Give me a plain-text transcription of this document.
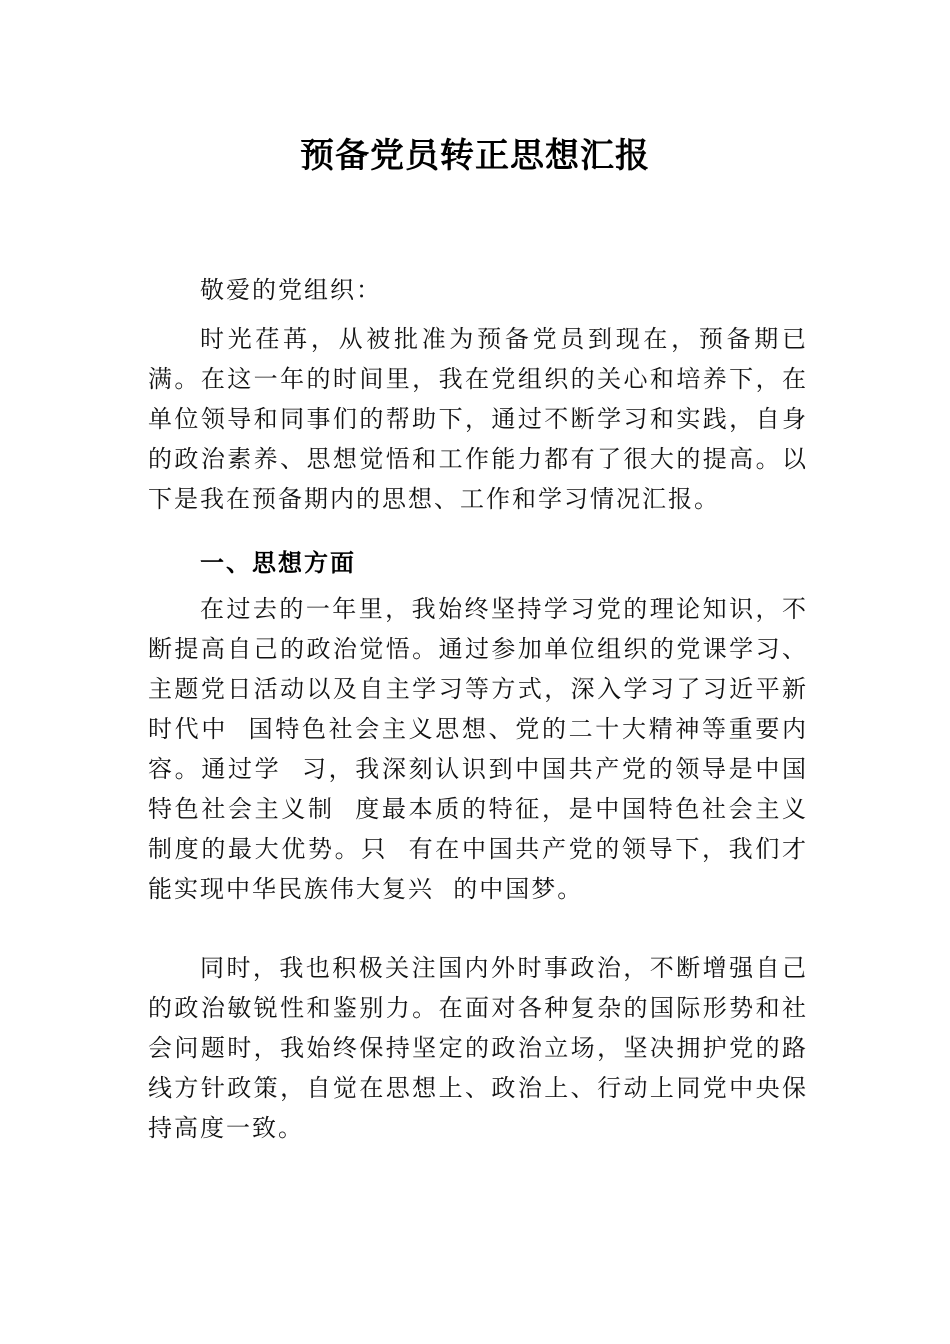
预备党员转正思想汇报
敬爱的党组织：
时光荏苒，从被批准为预备党员到现在，预备期已满。在这一年的时间里，我在党组织的关心和培养下，在单位领导和同事们的帮助下，通过不断学习和实践，自身的政治素养、思想觉悟和工作能力都有了很大的提高。以下是我在预备期内的思想、工作和学习情况汇报。
一、思想方面
在过去的一年里，我始终坚持学习党的理论知识，不断提高自己的政治觉悟。通过参加单位组织的党课学习、主题党日活动以及自主学习等方式，深入学习了习近平新时代中  国特色社会主义思想、党的二十大精神等重要内容。通过学  习，我深刻认识到中国共产党的领导是中国特色社会主义制  度最本质的特征，是中国特色社会主义制度的最大优势。只  有在中国共产党的领导下，我们才能实现中华民族伟大复兴  的中国梦。
同时，我也积极关注国内外时事政治，不断增强自己的政治敏锐性和鉴别力。在面对各种复杂的国际形势和社会问题时，我始终保持坚定的政治立场，坚决拥护党的路线方针政策，自觉在思想上、政治上、行动上同党中央保持高度一致。
